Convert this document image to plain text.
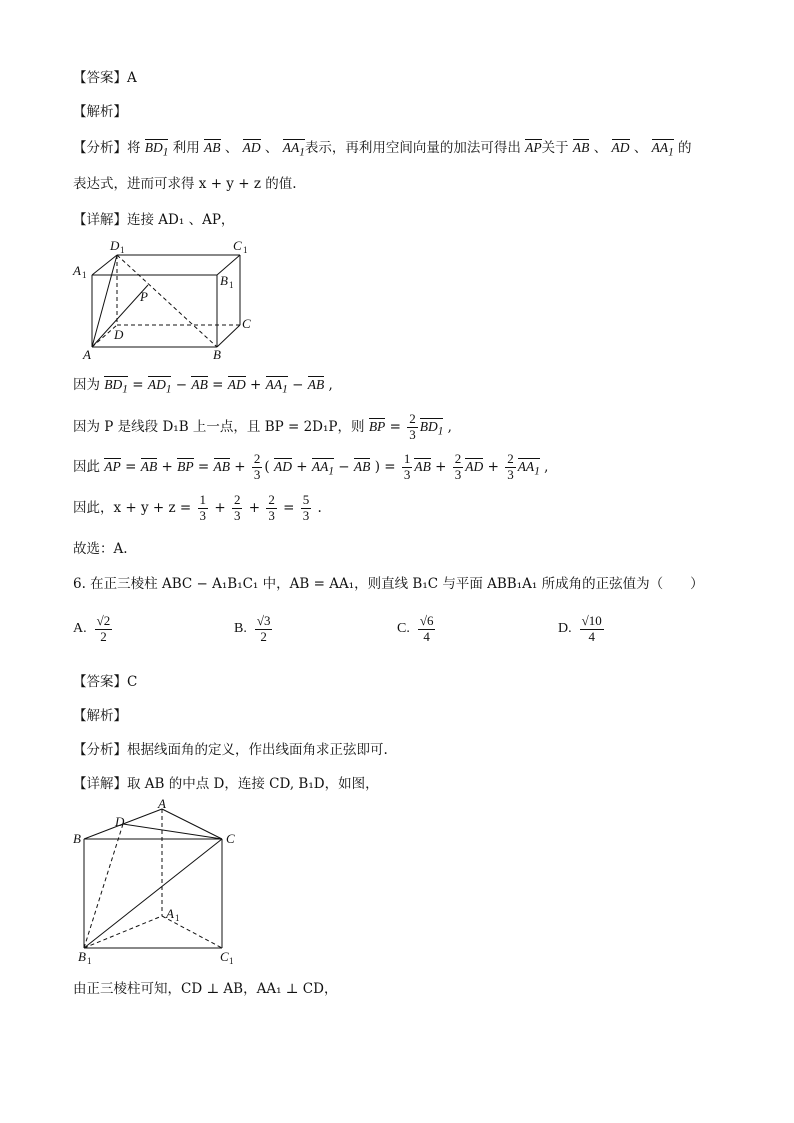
【答案】A
【解析】
【分析】将 $BD_1$ 利用 AB 、 AD 、 $AA_1$表示，再利用空间向量的加法可得出 AP关于 AB 、 AD 、 $AA_1$ 的
表达式，进而可求得 x + y + z 的值.
【详解】连接 AD₁ 、AP，
D 1	C 1
A 1	B 1
P
D
C
A	B
因为 $BD_1 = AD_1$ − AB = AD + $AA_1$ − AB ,
因为 P 是线段 D₁B 上一点，且 BP = 2D₁P，则 BP = $\frac{2}{3} BD_1$ ,
因此 AP = AB + BP = AB + $\frac{2}{3}$ ( AD + $AA_1$ − AB ) = $\frac{1}{3}$ AB + $\frac{2}{3}$ AD + $\frac{2}{3} AA_1$ ,
因此，$x + y + z = \frac{1}{3} + \frac{2}{3} + \frac{2}{3} = \frac{5}{3}$ .
故选：A.
6. 在正三棱柱 ABC − A₁B₁C₁ 中，AB = AA₁，则直线 B₁C 与平面 ABB₁A₁ 所成角的正弦值为（　　）
A. $\frac{√2}{2}$	B. $\frac{√3}{2}$	C. $\frac{√6}{4}$	D. $\frac{√10}{4}$
【答案】C
【解析】
【分析】根据线面角的定义，作出线面角求正弦即可.
【详解】取 AB 的中点 D，连接 CD, B₁D，如图，
A
D
B	C
A 1
B 1	C 1
由正三棱柱可知，CD ⊥ AB，AA₁ ⊥ CD，
